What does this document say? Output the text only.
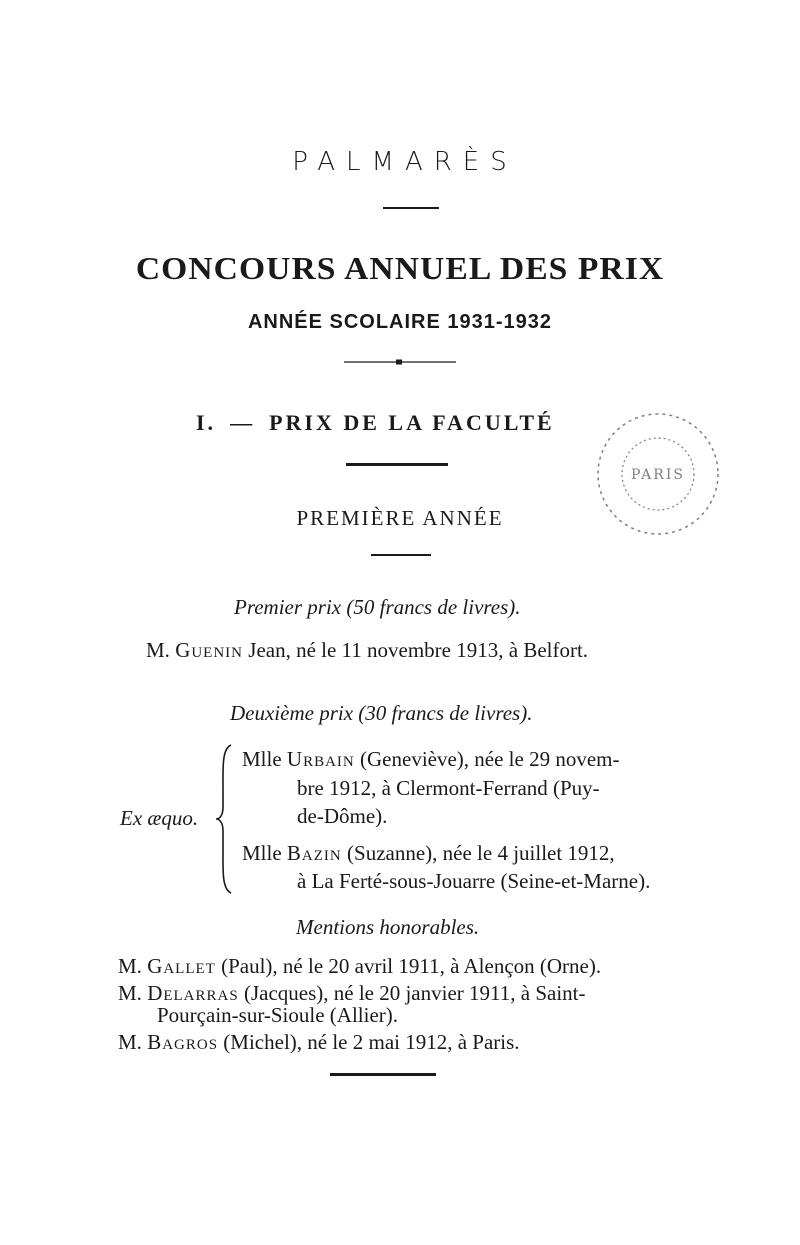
PALMARÈS
CONCOURS ANNUEL DES PRIX
ANNÉE SCOLAIRE 1931-1932
I. — PRIX DE LA FACULTÉ
PREMIÈRE ANNÉE
Premier prix (50 francs de livres).
M. Guenin Jean, né le 11 novembre 1913, à Belfort.
Deuxième prix (30 francs de livres).
Ex æquo.
Mlle Urbain (Geneviève), née le 29 novem-
bre 1912, à Clermont-Ferrand (Puy-
de-Dôme).
Mlle Bazin (Suzanne), née le 4 juillet 1912,
à La Ferté-sous-Jouarre (Seine-et-Marne).
Mentions honorables.
M. Gallet (Paul), né le 20 avril 1911, à Alençon (Orne).
M. Delarras (Jacques), né le 20 janvier 1911, à Saint-
Pourçain-sur-Sioule (Allier).
M. Bagros (Michel), né le 2 mai 1912, à Paris.
PARIS
